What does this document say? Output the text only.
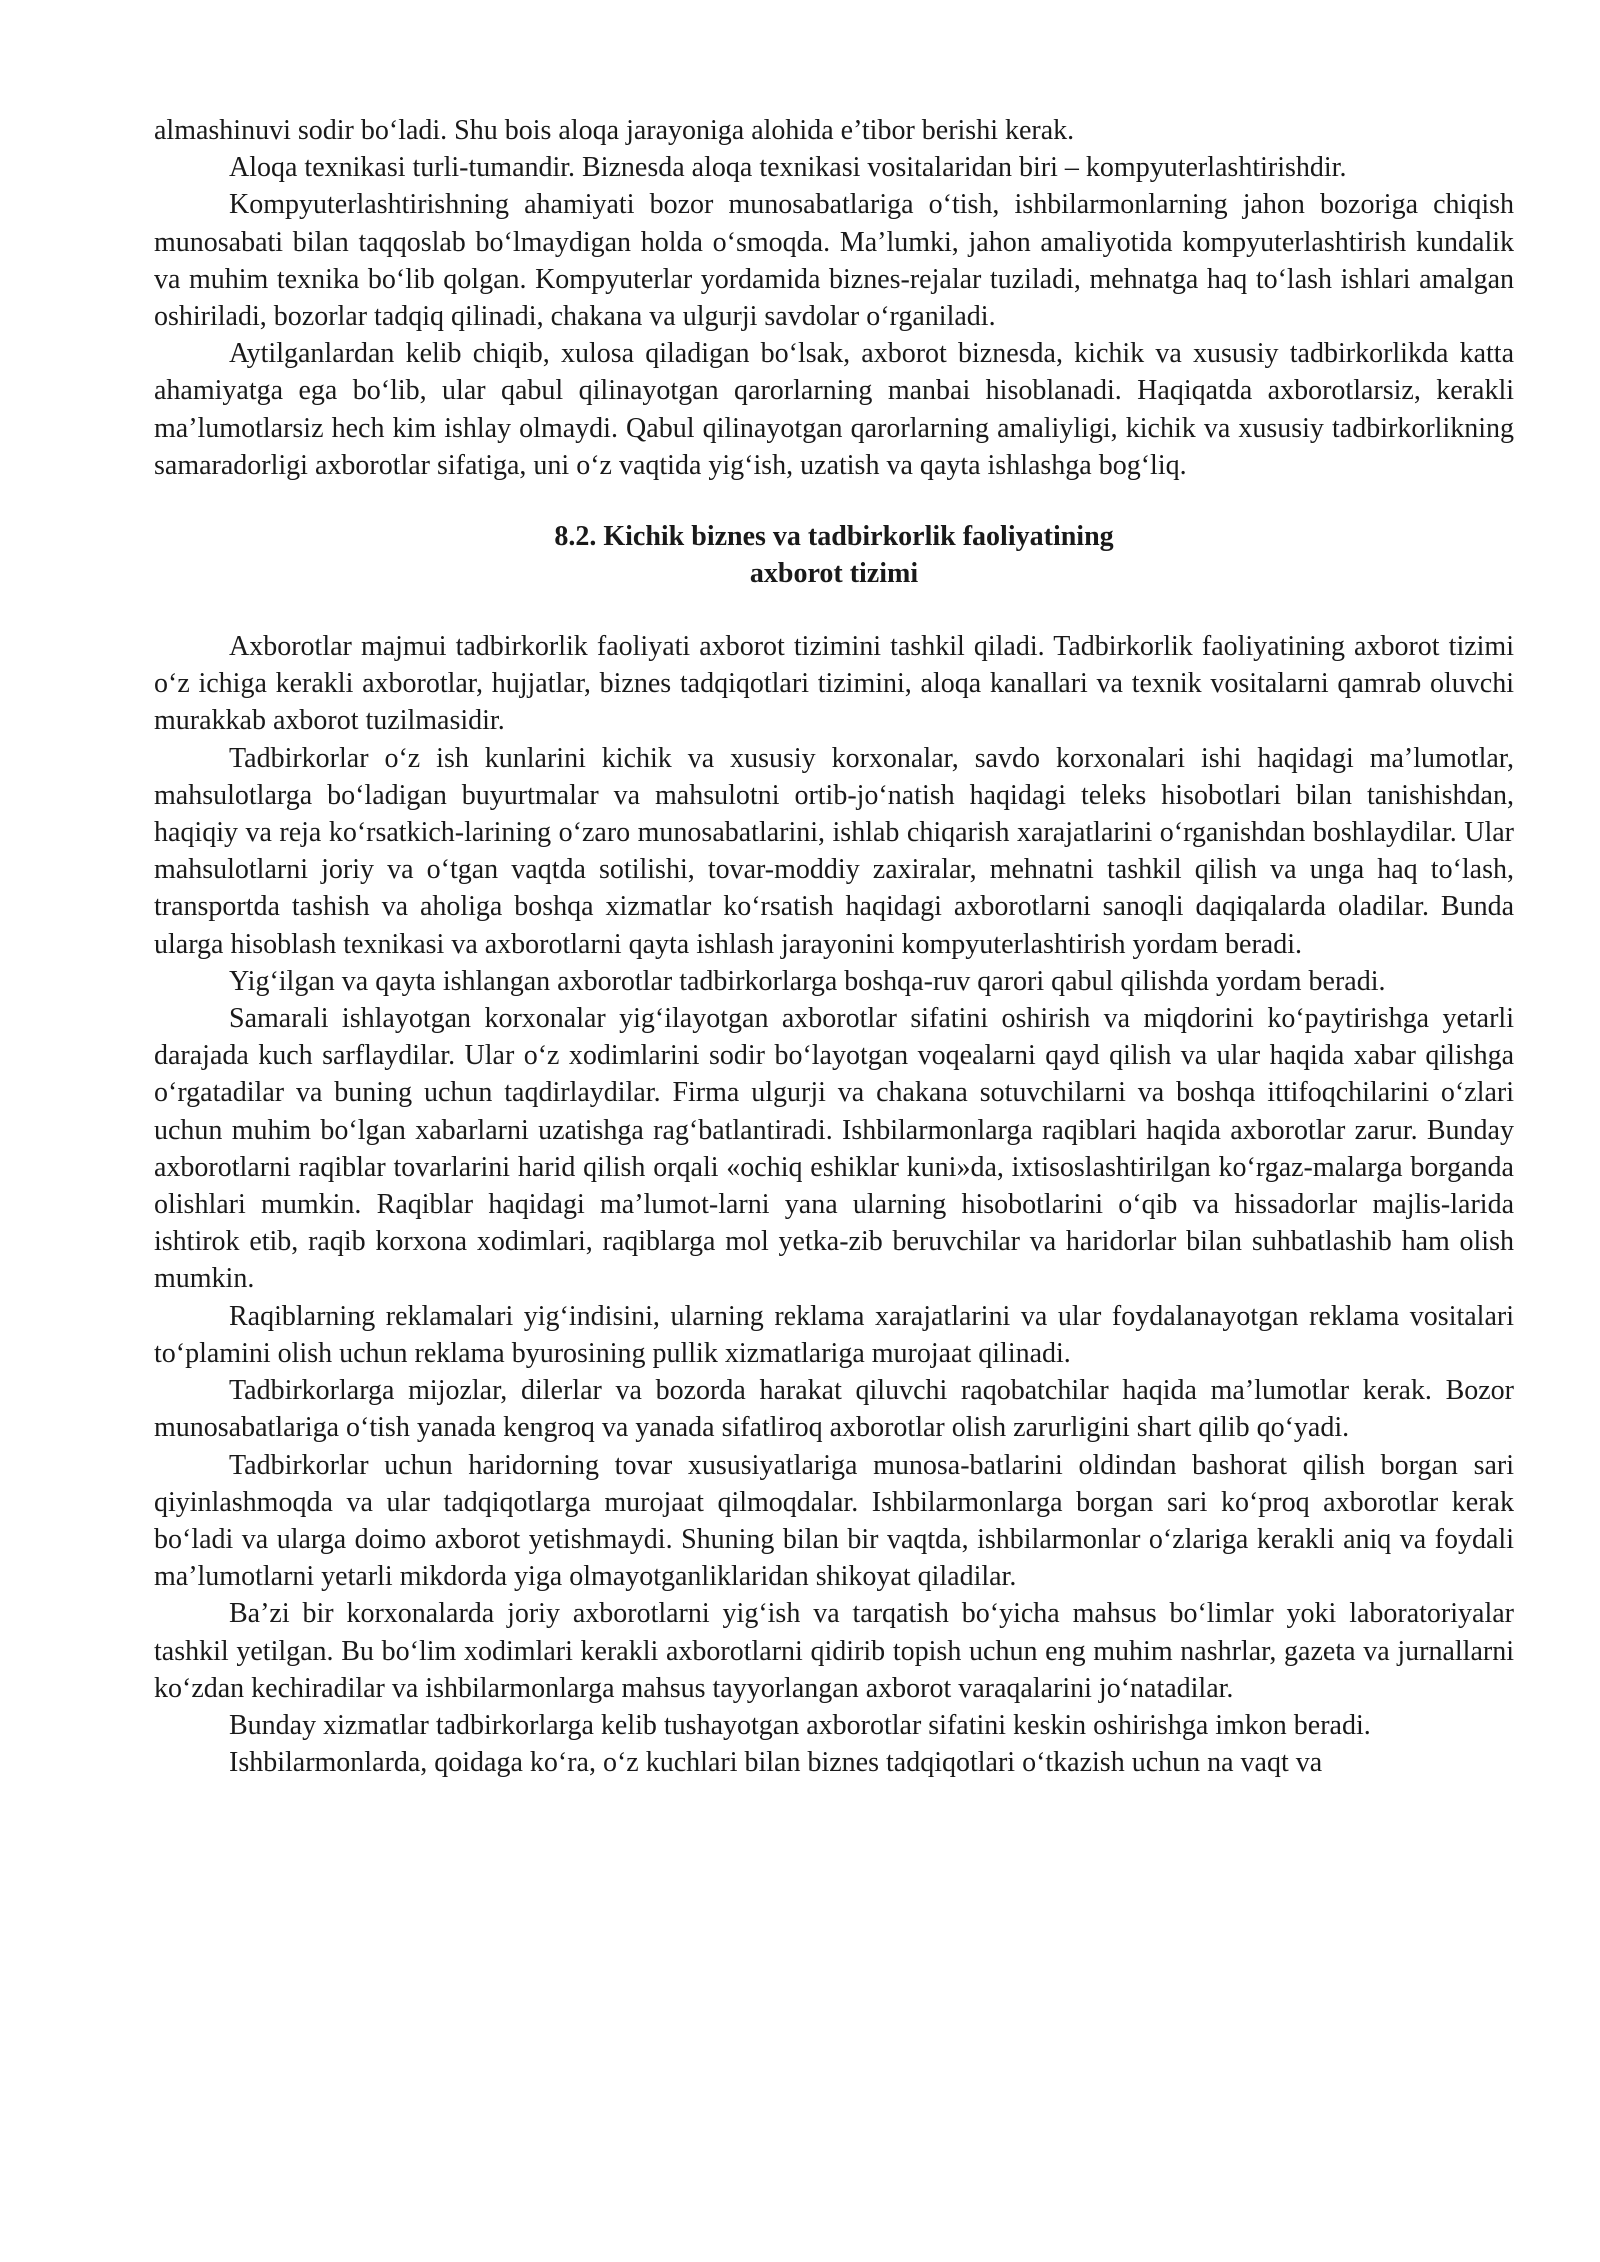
almashinuvi sodir bo‘ladi. Shu bois aloqa jarayoniga alohida e’tibor berishi kerak.

Aloqa texnikasi turli-tumandir. Biznesda aloqa texnikasi vositalaridan biri – kompyuterlashtirishdir.

Kompyuterlashtirishning ahamiyati bozor munosabatlariga o‘tish, ishbilarmonlarning jahon bozoriga chiqish munosabati bilan taqqoslab bo‘lmaydigan holda o‘smoqda. Ma’lumki, jahon amaliyotida kompyuterlashtirish kundalik va muhim texnika bo‘lib qolgan. Kompyuterlar yordamida biznes-rejalar tuziladi, mehnatga haq to‘lash ishlari amalgan oshiriladi, bozorlar tadqiq qilinadi, chakana va ulgurji savdolar o‘rganiladi.

Aytilganlardan kelib chiqib, xulosa qiladigan bo‘lsak, axborot biznesda, kichik va xususiy tadbirkorlikda katta ahamiyatga ega bo‘lib, ular qabul qilinayotgan qarorlarning manbai hisoblanadi. Haqiqatda axborotlarsiz, kerakli ma’lumotlarsiz hech kim ishlay olmaydi. Qabul qilinayotgan qarorlarning amaliyligi, kichik va xususiy tadbirkorlikning samaradorligi axborotlar sifatiga, uni o‘z vaqtida yig‘ish, uzatish va qayta ishlashga bog‘liq.

8.2. Kichik biznes va tadbirkorlik faoliyatining
axborot tizimi

Axborotlar majmui tadbirkorlik faoliyati axborot tizimini tashkil qiladi. Tadbirkorlik faoliyatining axborot tizimi o‘z ichiga kerakli axborotlar, hujjatlar, biznes tadqiqotlari tizimini, aloqa kanallari va texnik vositalarni qamrab oluvchi murakkab axborot tuzilmasidir.

Tadbirkorlar o‘z ish kunlarini kichik va xususiy korxonalar, savdo korxonalari ishi haqidagi ma’lumotlar, mahsulotlarga bo‘ladigan buyurtmalar va mahsulotni ortib-jo‘natish haqidagi teleks hisobotlari bilan tanishishdan, haqiqiy va reja ko‘rsatkich-larining o‘zaro munosabatlarini, ishlab chiqarish xarajatlarini o‘rganishdan boshlaydilar. Ular mahsulotlarni joriy va o‘tgan vaqtda sotilishi, tovar-moddiy zaxiralar, mehnatni tashkil qilish va unga haq to‘lash, transportda tashish va aholiga boshqa xizmatlar ko‘rsatish haqidagi axborotlarni sanoqli daqiqalarda oladilar. Bunda ularga hisoblash texnikasi va axborotlarni qayta ishlash jarayonini kompyuterlashtirish yordam beradi.

Yig‘ilgan va qayta ishlangan axborotlar tadbirkorlarga boshqa-ruv qarori qabul qilishda yordam beradi.

Samarali ishlayotgan korxonalar yig‘ilayotgan axborotlar sifatini oshirish va miqdorini ko‘paytirishga yetarli darajada kuch sarflaydilar. Ular o‘z xodimlarini sodir bo‘layotgan voqealarni qayd qilish va ular haqida xabar qilishga o‘rgatadilar va buning uchun taqdirlaydilar. Firma ulgurji va chakana sotuvchilarni va boshqa ittifoqchilarini o‘zlari uchun muhim bo‘lgan xabarlarni uzatishga rag‘batlantiradi. Ishbilarmonlarga raqiblari haqida axborotlar zarur. Bunday axborotlarni raqiblar tovarlarini harid qilish orqali «ochiq eshiklar kuni»da, ixtisoslashtirilgan ko‘rgaz-malarga borganda olishlari mumkin. Raqiblar haqidagi ma’lumot-larni yana ularning hisobotlarini o‘qib va hissadorlar majlis-larida ishtirok etib, raqib korxona xodimlari, raqiblarga mol yetka-zib beruvchilar va haridorlar bilan suhbatlashib ham olish mumkin.

Raqiblarning reklamalari yig‘indisini, ularning reklama xarajatlarini va ular foydalanayotgan reklama vositalari to‘plamini olish uchun reklama byurosining pullik xizmatlariga murojaat qilinadi.

Tadbirkorlarga mijozlar, dilerlar va bozorda harakat qiluvchi raqobatchilar haqida ma’lumotlar kerak. Bozor munosabatlariga o‘tish yanada kengroq va yanada sifatliroq axborotlar olish zarurligini shart qilib qo‘yadi.

Tadbirkorlar uchun haridorning tovar xususiyatlariga munosa-batlarini oldindan bashorat qilish borgan sari qiyinlashmoqda va ular tadqiqotlarga murojaat qilmoqdalar. Ishbilarmonlarga borgan sari ko‘proq axborotlar kerak bo‘ladi va ularga doimo axborot yetishmaydi. Shuning bilan bir vaqtda, ishbilarmonlar o‘zlariga kerakli aniq va foydali ma’lumotlarni yetarli mikdorda yiga olmayotganliklaridan shikoyat qiladilar.

Ba’zi bir korxonalarda joriy axborotlarni yig‘ish va tarqatish bo‘yicha mahsus bo‘limlar yoki laboratoriyalar tashkil yetilgan. Bu bo‘lim xodimlari kerakli axborotlarni qidirib topish uchun eng muhim nashrlar, gazeta va jurnallarni ko‘zdan kechiradilar va ishbilarmonlarga mahsus tayyorlangan axborot varaqalarini jo‘natadilar.

Bunday xizmatlar tadbirkorlarga kelib tushayotgan axborotlar sifatini keskin oshirishga imkon beradi.

Ishbilarmonlarda, qoidaga ko‘ra, o‘z kuchlari bilan biznes tadqiqotlari o‘tkazish uchun na vaqt va
